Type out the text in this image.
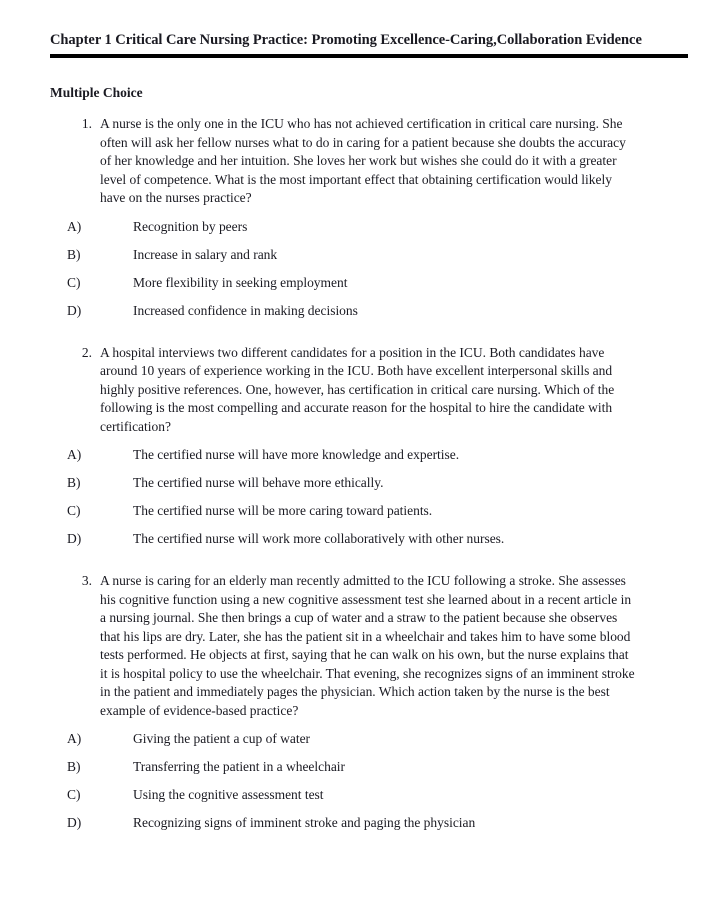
Chapter 1 Critical Care Nursing Practice: Promoting Excellence-Caring,Collaboration Evidence
Multiple Choice
1. A nurse is the only one in the ICU who has not achieved certification in critical care nursing. She often will ask her fellow nurses what to do in caring for a patient because she doubts the accuracy of her knowledge and her intuition. She loves her work but wishes she could do it with a greater level of competence. What is the most important effect that obtaining certification would likely have on the nurses practice?
A)	Recognition by peers
B)	Increase in salary and rank
C)	More flexibility in seeking employment
D)	Increased confidence in making decisions
2. A hospital interviews two different candidates for a position in the ICU. Both candidates have around 10 years of experience working in the ICU. Both have excellent interpersonal skills and highly positive references. One, however, has certification in critical care nursing. Which of the following is the most compelling and accurate reason for the hospital to hire the candidate with certification?
A)	The certified nurse will have more knowledge and expertise.
B)	The certified nurse will behave more ethically.
C)	The certified nurse will be more caring toward patients.
D)	The certified nurse will work more collaboratively with other nurses.
3. A nurse is caring for an elderly man recently admitted to the ICU following a stroke. She assesses his cognitive function using a new cognitive assessment test she learned about in a recent article in a nursing journal. She then brings a cup of water and a straw to the patient because she observes that his lips are dry. Later, she has the patient sit in a wheelchair and takes him to have some blood tests performed. He objects at first, saying that he can walk on his own, but the nurse explains that it is hospital policy to use the wheelchair. That evening, she recognizes signs of an imminent stroke in the patient and immediately pages the physician. Which action taken by the nurse is the best example of evidence-based practice?
A)	Giving the patient a cup of water
B)	Transferring the patient in a wheelchair
C)	Using the cognitive assessment test
D)	Recognizing signs of imminent stroke and paging the physician
